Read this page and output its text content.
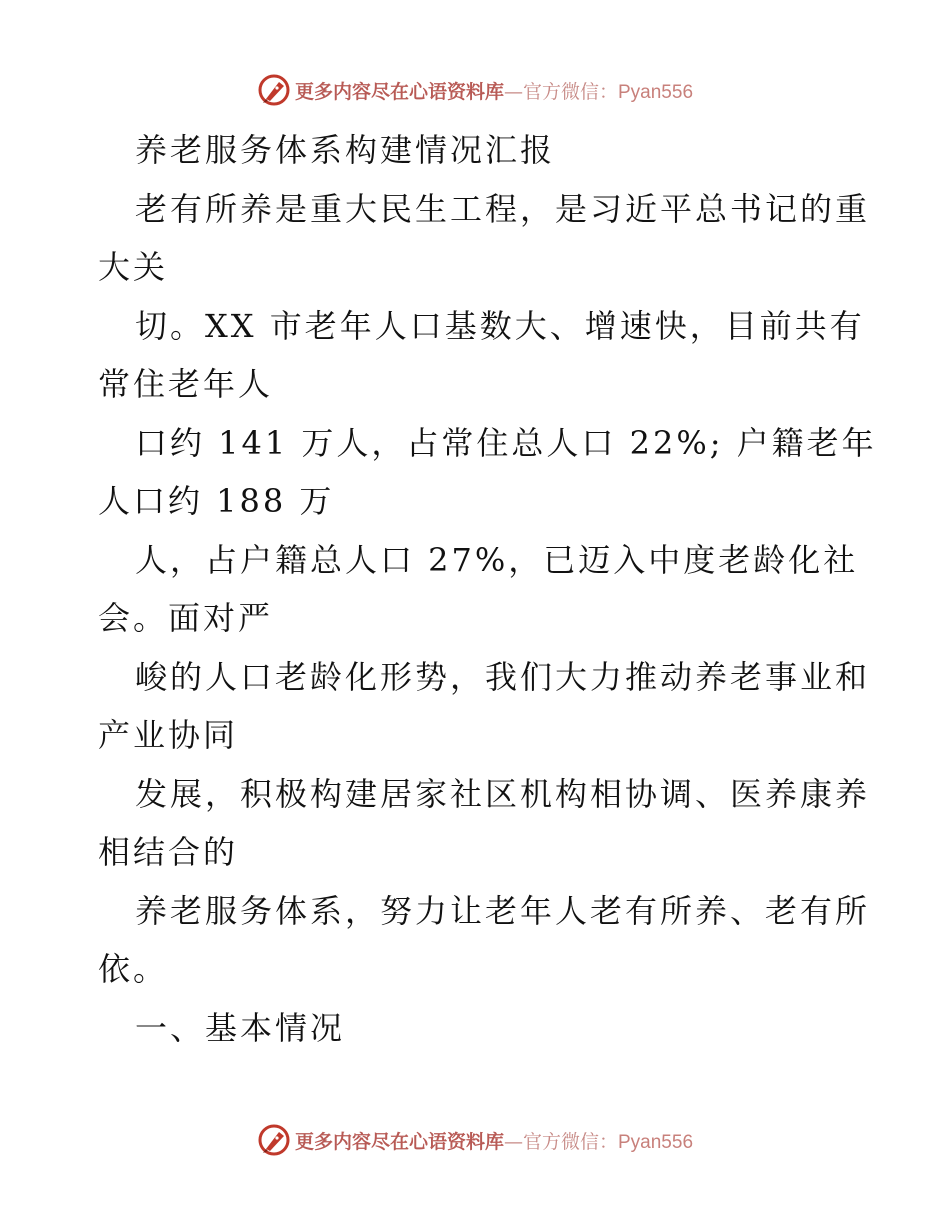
更多内容尽在心语资料库—官方微信：Pyan556
养老服务体系构建情况汇报
老有所养是重大民生工程，是习近平总书记的重
大关
切。XX 市老年人口基数大、增速快，目前共有
常住老年人
口约 141 万人，占常住总人口 22%; 户籍老年
人口约 188 万
人，占户籍总人口 27%，已迈入中度老龄化社
会。面对严
峻的人口老龄化形势，我们大力推动养老事业和
产业协同
发展，积极构建居家社区机构相协调、医养康养
相结合的
养老服务体系，努力让老年人老有所养、老有所
依。
一、基本情况
更多内容尽在心语资料库—官方微信：Pyan556
